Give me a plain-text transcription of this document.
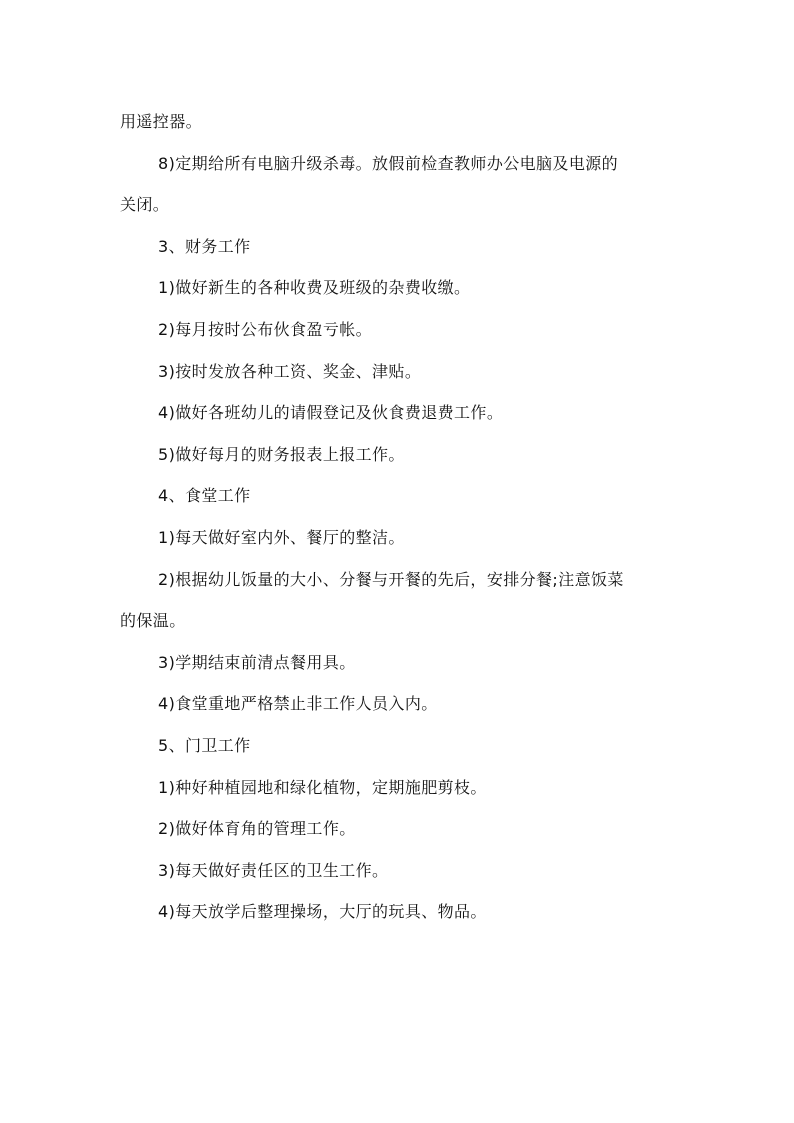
用遥控器。
8)定期给所有电脑升级杀毒。放假前检查教师办公电脑及电源的
关闭。
3、财务工作
1)做好新生的各种收费及班级的杂费收缴。
2)每月按时公布伙食盈亏帐。
3)按时发放各种工资、奖金、津贴。
4)做好各班幼儿的请假登记及伙食费退费工作。
5)做好每月的财务报表上报工作。
4、食堂工作
1)每天做好室内外、餐厅的整洁。
2)根据幼儿饭量的大小、分餐与开餐的先后，安排分餐;注意饭菜
的保温。
3)学期结束前清点餐用具。
4)食堂重地严格禁止非工作人员入内。
5、门卫工作
1)种好种植园地和绿化植物，定期施肥剪枝。
2)做好体育角的管理工作。
3)每天做好责任区的卫生工作。
4)每天放学后整理操场，大厅的玩具、物品。
